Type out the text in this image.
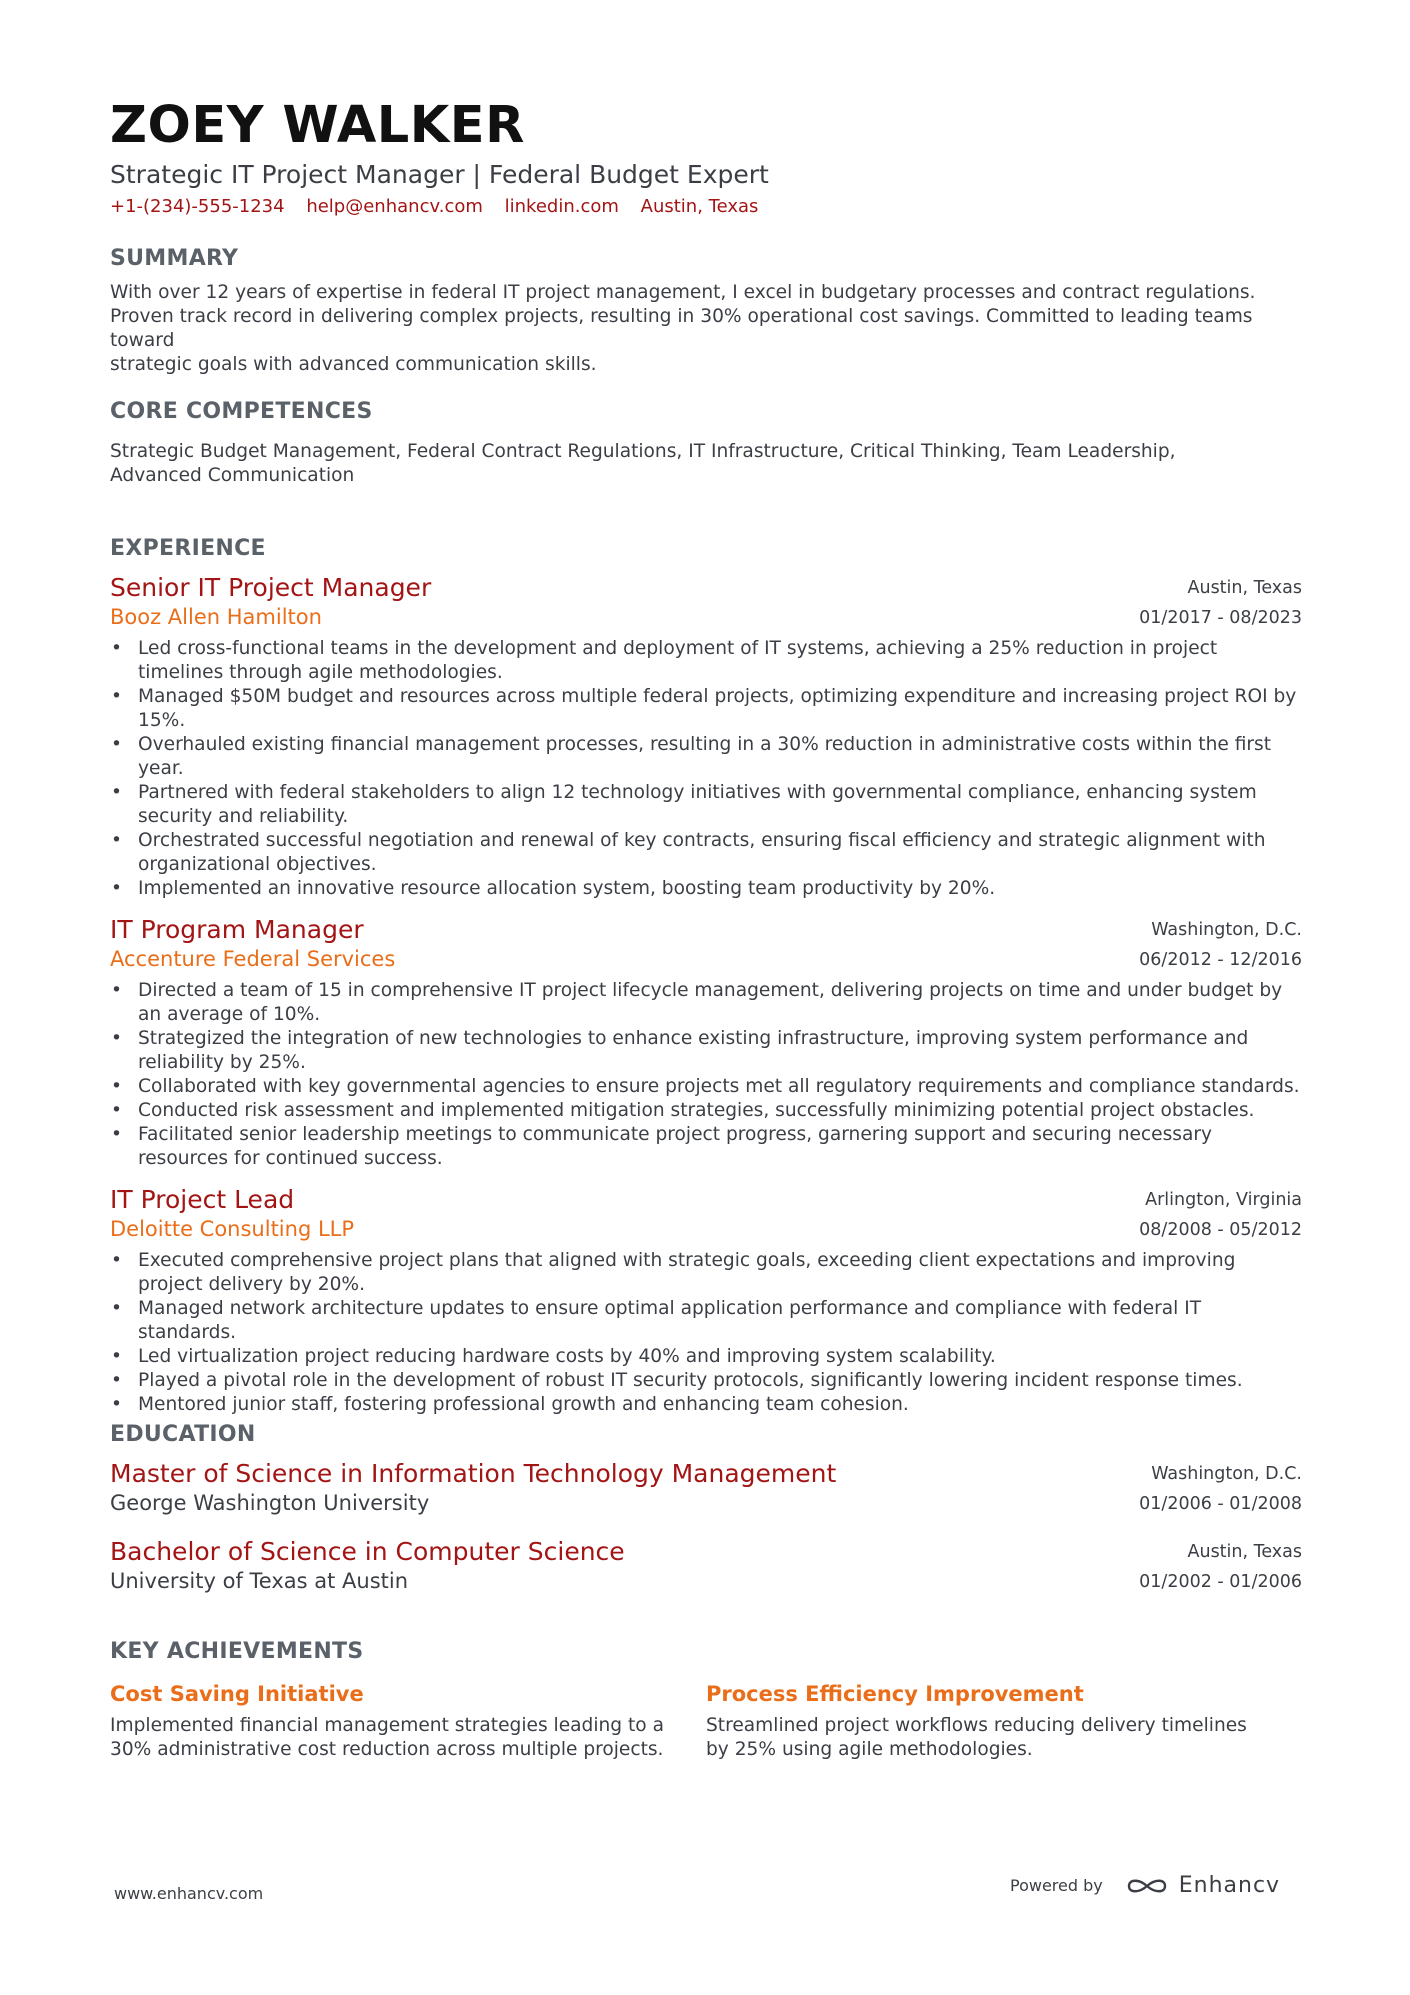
ZOEY WALKER
Strategic IT Project Manager | Federal Budget Expert
+1-(234)-555-1234 help@enhancv.com linkedin.com Austin, Texas
SUMMARY
With over 12 years of expertise in federal IT project management, I excel in budgetary processes and contract regulations.
Proven track record in delivering complex projects, resulting in 30% operational cost savings. Committed to leading teams toward
strategic goals with advanced communication skills.
CORE COMPETENCES
Strategic Budget Management, Federal Contract Regulations, IT Infrastructure, Critical Thinking, Team Leadership,
Advanced Communication
EXPERIENCE
Senior IT Project Manager
Booz Allen Hamilton
Austin, Texas
01/2017 - 08/2023
• Led cross-functional teams in the development and deployment of IT systems, achieving a 25% reduction in project timelines through agile methodologies.
• Managed $50M budget and resources across multiple federal projects, optimizing expenditure and increasing project ROI by 15%.
• Overhauled existing financial management processes, resulting in a 30% reduction in administrative costs within the first year.
• Partnered with federal stakeholders to align 12 technology initiatives with governmental compliance, enhancing system security and reliability.
• Orchestrated successful negotiation and renewal of key contracts, ensuring fiscal efficiency and strategic alignment with organizational objectives.
• Implemented an innovative resource allocation system, boosting team productivity by 20%.
IT Program Manager
Accenture Federal Services
Washington, D.C.
06/2012 - 12/2016
• Directed a team of 15 in comprehensive IT project lifecycle management, delivering projects on time and under budget by an average of 10%.
• Strategized the integration of new technologies to enhance existing infrastructure, improving system performance and reliability by 25%.
• Collaborated with key governmental agencies to ensure projects met all regulatory requirements and compliance standards.
• Conducted risk assessment and implemented mitigation strategies, successfully minimizing potential project obstacles.
• Facilitated senior leadership meetings to communicate project progress, garnering support and securing necessary resources for continued success.
IT Project Lead
Deloitte Consulting LLP
Arlington, Virginia
08/2008 - 05/2012
• Executed comprehensive project plans that aligned with strategic goals, exceeding client expectations and improving project delivery by 20%.
• Managed network architecture updates to ensure optimal application performance and compliance with federal IT standards.
• Led virtualization project reducing hardware costs by 40% and improving system scalability.
• Played a pivotal role in the development of robust IT security protocols, significantly lowering incident response times.
• Mentored junior staff, fostering professional growth and enhancing team cohesion.
EDUCATION
Master of Science in Information Technology Management
George Washington University
Washington, D.C.
01/2006 - 01/2008
Bachelor of Science in Computer Science
University of Texas at Austin
Austin, Texas
01/2002 - 01/2006
KEY ACHIEVEMENTS
Cost Saving Initiative
Implemented financial management strategies leading to a 30% administrative cost reduction across multiple projects.
Process Efficiency Improvement
Streamlined project workflows reducing delivery timelines by 25% using agile methodologies.
www.enhancv.com	Powered by	Enhancv
